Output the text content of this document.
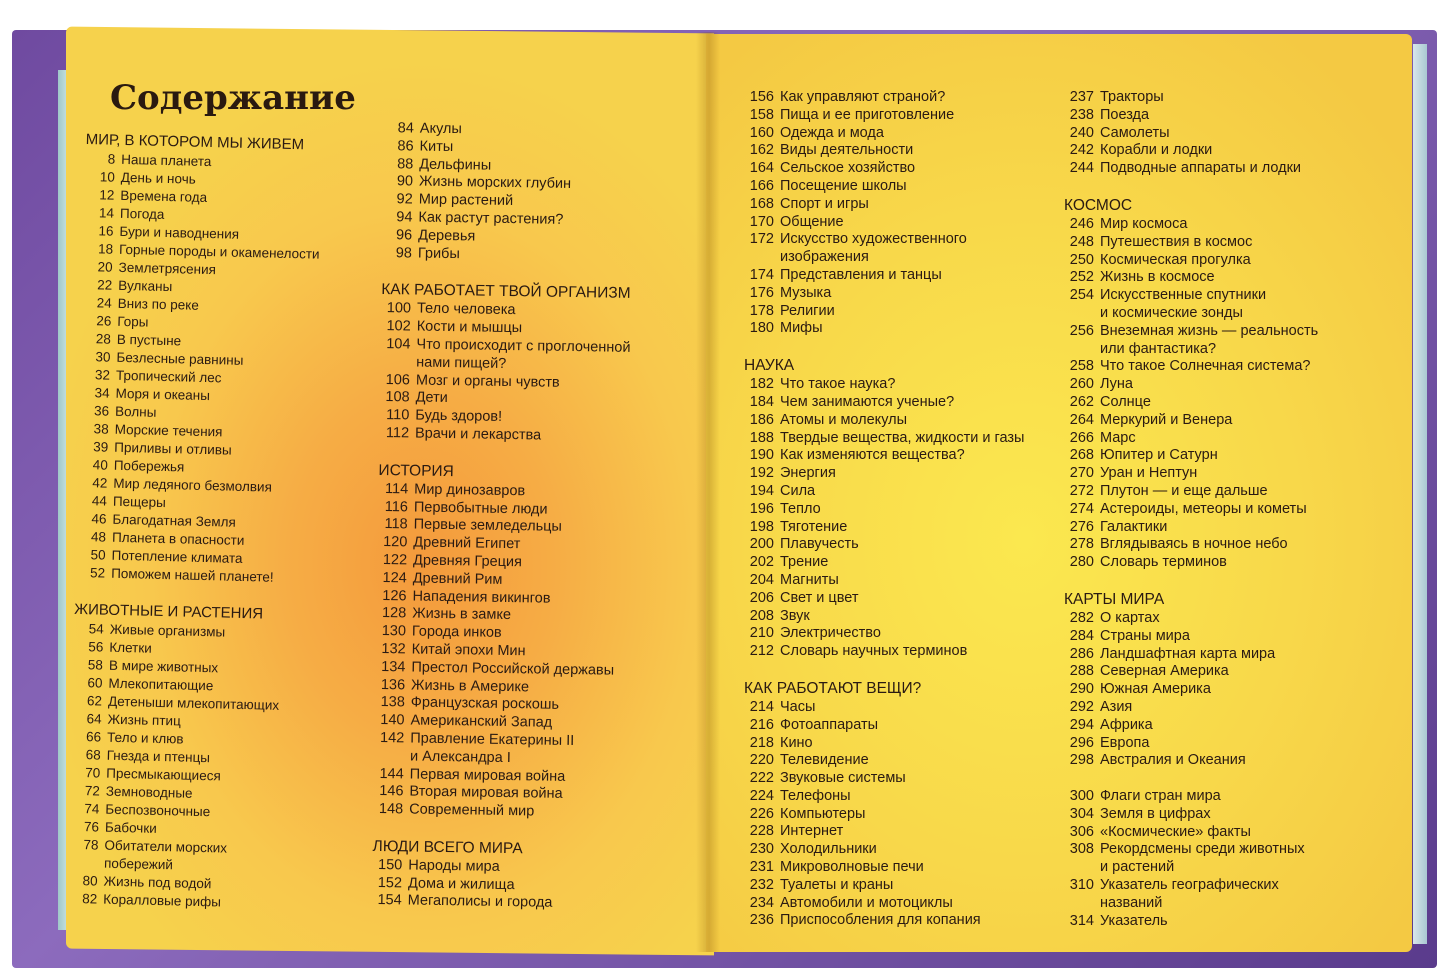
Содержание
МИР, В КОТОРОМ МЫ ЖИВЕМ
8 Наша планета
10 День и ночь
12 Времена года
14 Погода
16 Бури и наводнения
18 Горные породы и окаменелости
20 Землетрясения
22 Вулканы
24 Вниз по реке
26 Горы
28 В пустыне
30 Безлесные равнины
32 Тропический лес
34 Моря и океаны
36 Волны
38 Морские течения
39 Приливы и отливы
40 Побережья
42 Мир ледяного безмолвия
44 Пещеры
46 Благодатная Земля
48 Планета в опасности
50 Потепление климата
52 Поможем нашей планете!
ЖИВОТНЫЕ И РАСТЕНИЯ
54 Живые организмы
56 Клетки
58 В мире животных
60 Млекопитающие
62 Детеныши млекопитающих
64 Жизнь птиц
66 Тело и клюв
68 Гнезда и птенцы
70 Пресмыкающиеся
72 Земноводные
74 Беспозвоночные
76 Бабочки
78 Обитатели морских
побережий
80 Жизнь под водой
82 Коралловые рифы
84 Акулы
86 Киты
88 Дельфины
90 Жизнь морских глубин
92 Мир растений
94 Как растут растения?
96 Деревья
98 Грибы
КАК РАБОТАЕТ ТВОЙ ОРГАНИЗМ
100 Тело человека
102 Кости и мышцы
104 Что происходит с проглоченной
нами пищей?
106 Мозг и органы чувств
108 Дети
110 Будь здоров!
112 Врачи и лекарства
ИСТОРИЯ
114 Мир динозавров
116 Первобытные люди
118 Первые земледельцы
120 Древний Египет
122 Древняя Греция
124 Древний Рим
126 Нападения викингов
128 Жизнь в замке
130 Города инков
132 Китай эпохи Мин
134 Престол Российской державы
136 Жизнь в Америке
138 Французская роскошь
140 Американский Запад
142 Правление Екатерины II
и Александра I
144 Первая мировая война
146 Вторая мировая война
148 Современный мир
ЛЮДИ ВСЕГО МИРА
150 Народы мира
152 Дома и жилища
154 Мегаполисы и города
156 Как управляют страной?
158 Пища и ее приготовление
160 Одежда и мода
162 Виды деятельности
164 Сельское хозяйство
166 Посещение школы
168 Спорт и игры
170 Общение
172 Искусство художественного
изображения
174 Представления и танцы
176 Музыка
178 Религии
180 Мифы
НАУКА
182 Что такое наука?
184 Чем занимаются ученые?
186 Атомы и молекулы
188 Твердые вещества, жидкости и газы
190 Как изменяются вещества?
192 Энергия
194 Сила
196 Тепло
198 Тяготение
200 Плавучесть
202 Трение
204 Магниты
206 Свет и цвет
208 Звук
210 Электричество
212 Словарь научных терминов
КАК РАБОТАЮТ ВЕЩИ?
214 Часы
216 Фотоаппараты
218 Кино
220 Телевидение
222 Звуковые системы
224 Телефоны
226 Компьютеры
228 Интернет
230 Холодильники
231 Микроволновые печи
232 Туалеты и краны
234 Автомобили и мотоциклы
236 Приспособления для копания
237 Тракторы
238 Поезда
240 Самолеты
242 Корабли и лодки
244 Подводные аппараты и лодки
КОСМОС
246 Мир космоса
248 Путешествия в космос
250 Космическая прогулка
252 Жизнь в космосе
254 Искусственные спутники
и космические зонды
256 Внеземная жизнь — реальность
или фантастика?
258 Что такое Солнечная система?
260 Луна
262 Солнце
264 Меркурий и Венера
266 Марс
268 Юпитер и Сатурн
270 Уран и Нептун
272 Плутон — и еще дальше
274 Астероиды, метеоры и кометы
276 Галактики
278 Вглядываясь в ночное небо
280 Словарь терминов
КАРТЫ МИРА
282 О картах
284 Страны мира
286 Ландшафтная карта мира
288 Северная Америка
290 Южная Америка
292 Азия
294 Африка
296 Европа
298 Австралия и Океания
300 Флаги стран мира
304 Земля в цифрах
306 «Космические» факты
308 Рекордсмены среди животных
и растений
310 Указатель географических
названий
314 Указатель
